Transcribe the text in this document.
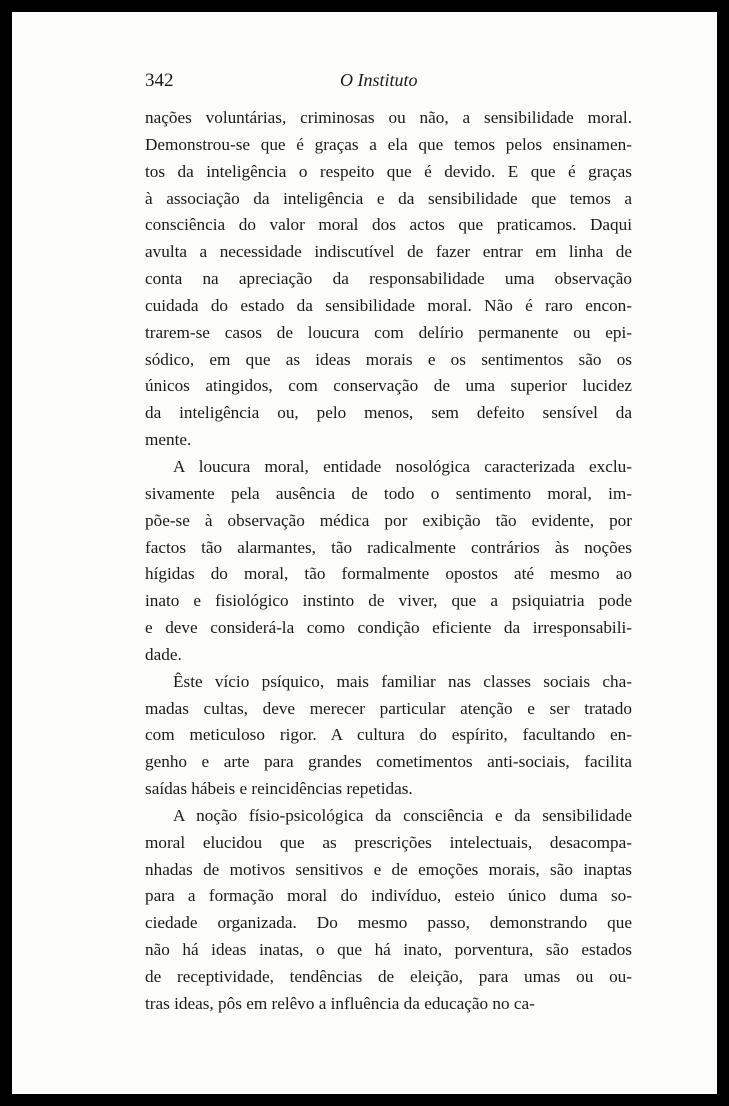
342	O Instituto
nações voluntárias, criminosas ou não, a sensibilidade moral.
Demonstrou-se que é graças a ela que temos pelos ensinamen-
tos da inteligência o respeito que é devido. E que é graças
à associação da inteligência e da sensibilidade que temos a
consciência do valor moral dos actos que praticamos. Daqui
avulta a necessidade indiscutível de fazer entrar em linha de
conta na apreciação da responsabilidade uma observação
cuidada do estado da sensibilidade moral. Não é raro encon-
trarem-se casos de loucura com delírio permanente ou epi-
sódico, em que as ideas morais e os sentimentos são os
únicos atingidos, com conservação de uma superior lucidez
da inteligência ou, pelo menos, sem defeito sensível da
mente.
A loucura moral, entidade nosológica caracterizada exclu-
sivamente pela ausência de todo o sentimento moral, im-
põe-se à observação médica por exibição tão evidente, por
factos tão alarmantes, tão radicalmente contrários às noções
hígidas do moral, tão formalmente opostos até mesmo ao
inato e fisiológico instinto de viver, que a psiquiatria pode
e deve considerá-la como condição eficiente da irresponsabili-
dade.
Êste vício psíquico, mais familiar nas classes sociais cha-
madas cultas, deve merecer particular atenção e ser tratado
com meticuloso rigor. A cultura do espírito, facultando en-
genho e arte para grandes cometimentos anti-sociais, facilita
saídas hábeis e reincidências repetidas.
A noção físio-psicológica da consciência e da sensibilidade
moral elucidou que as prescrições intelectuais, desacompa-
nhadas de motivos sensitivos e de emoções morais, são inaptas
para a formação moral do indivíduo, esteio único duma so-
ciedade organizada. Do mesmo passo, demonstrando que
não há ideas inatas, o que há inato, porventura, são estados
de receptividade, tendências de eleição, para umas ou ou-
tras ideas, pôs em relêvo a influência da educação no ca-
